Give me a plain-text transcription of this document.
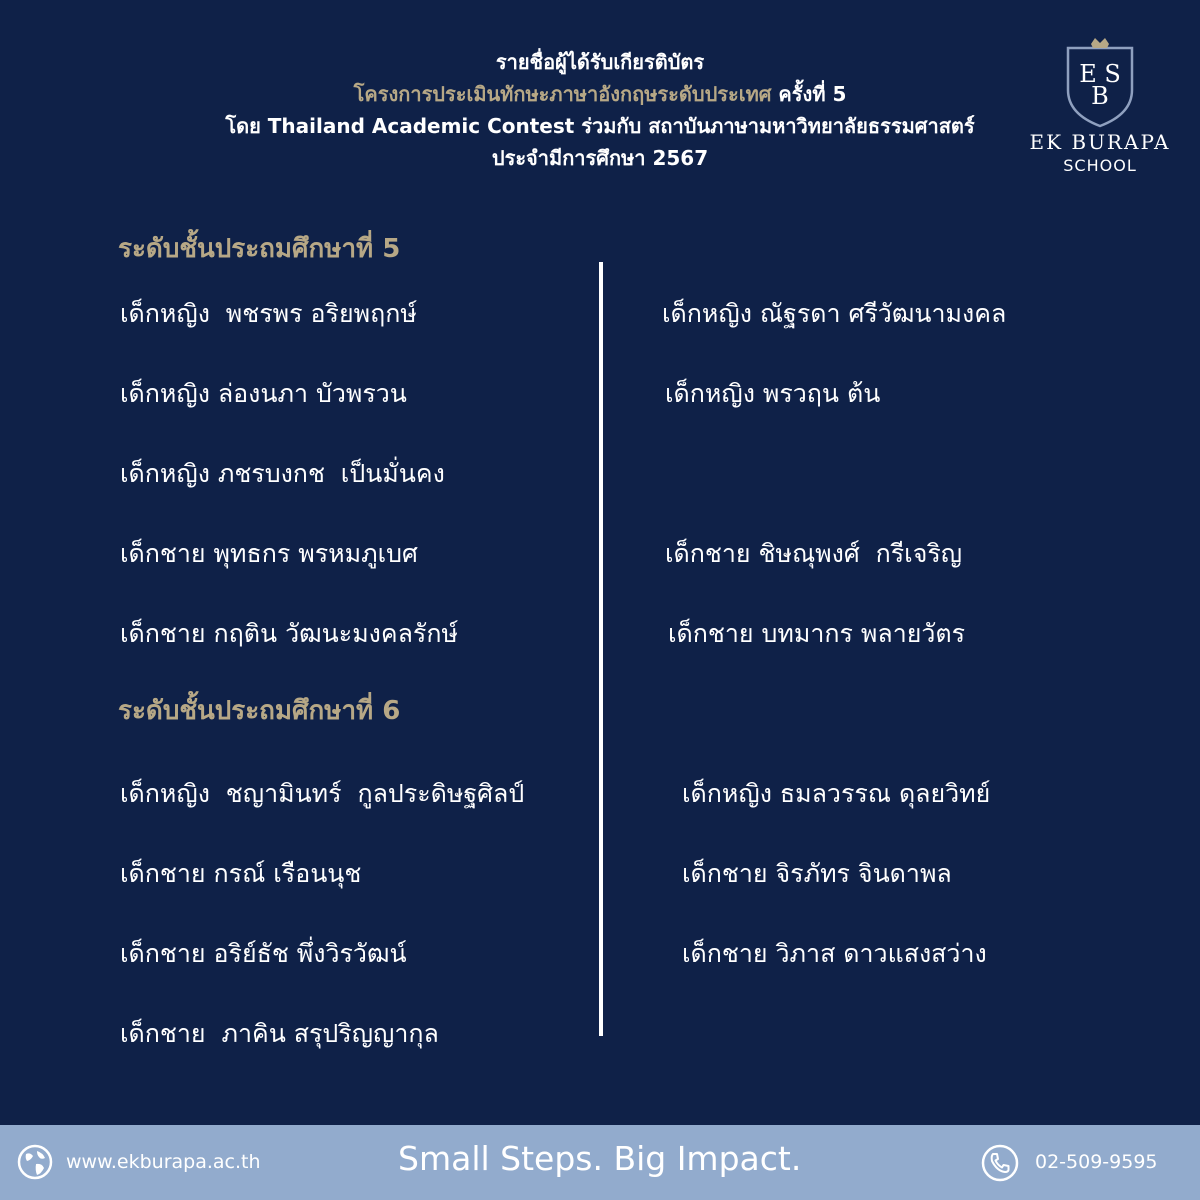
รายชื่อผู้ได้รับเกียรติบัตร
โครงการประเมินทักษะภาษาอังกฤษระดับประเทศ ครั้งที่ 5
โดย Thailand Academic Contest ร่วมกับ สถาบันภาษามหาวิทยาลัยธรรมศาสตร์
ประจำมีการศึกษา 2567
E S
B
EK BURAPA
SCHOOL
ระดับชั้นประถมศึกษาที่ 5
เด็กหญิง  พชรพร อริยพฤกษ์
เด็กหญิง ล่องนภา บัวพรวน
เด็กหญิง ภชรบงกช  เป็นมั่นคง
เด็กชาย พุทธกร พรหมภูเบศ
เด็กชาย กฤติน วัฒนะมงคลรักษ์
เด็กหญิง ณัฐรดา ศรีวัฒนามงคล
เด็กหญิง พรวฤน ต้น
เด็กชาย ชิษณุพงศ์  กรีเจริญ
เด็กชาย บทมากร พลายวัตร
ระดับชั้นประถมศึกษาที่ 6
เด็กหญิง  ชญามินทร์  กูลประดิษฐศิลป์
เด็กชาย กรณ์ เรือนนุช
เด็กชาย อริย์ธัช พึ่งวิรวัฒน์
เด็กชาย  ภาคิน สรุปริญญากุล
เด็กหญิง ธมลวรรณ ดุลยวิทย์
เด็กชาย จิรภัทร จินดาพล
เด็กชาย วิภาส ดาวแสงสว่าง
www.ekburapa.ac.th	Small Steps. Big Impact.	02-509-9595
